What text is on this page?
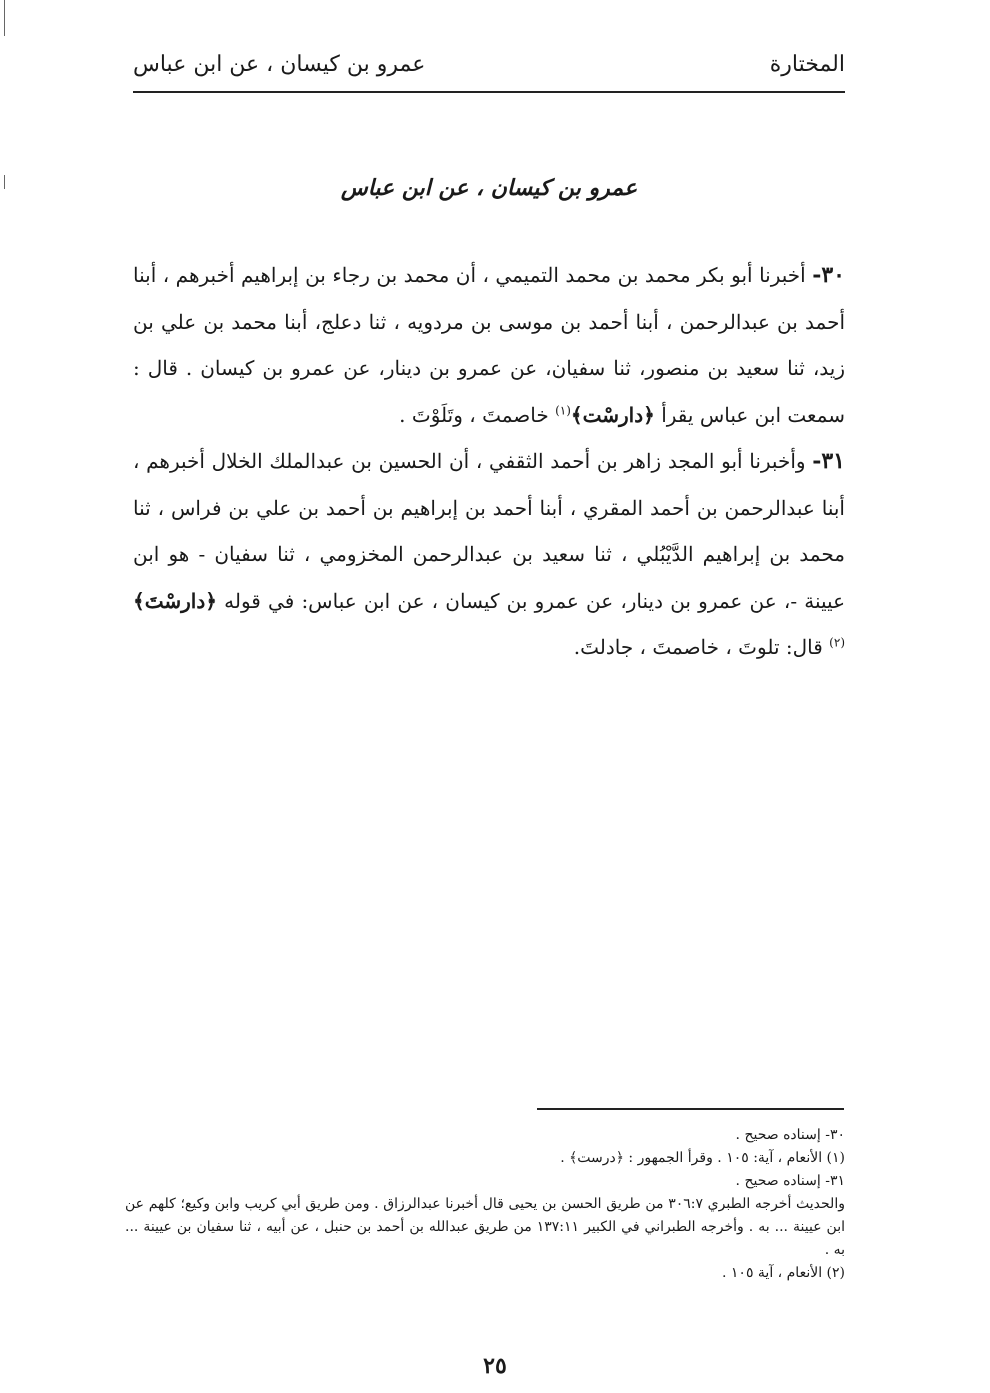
عمرو بن كيسان ، عن ابن عباس	المختارة
عمرو بن كيسان ، عن ابن عباس

٣٠- أخبرنا أبو بكر محمد بن محمد التميمي ، أن محمد بن رجاء بن إبراهيم أخبرهم ، أبنا أحمد بن عبدالرحمن ، أبنا أحمد بن موسى بن مردويه ، ثنا دعلج، أبنا محمد بن علي بن زيد، ثنا سعيد بن منصور، ثنا سفيان، عن عمرو بن دينار، عن عمرو بن كيسان . قال : سمعت ابن عباس يقرأ ﴿دارسْت﴾$^{(١)}$ خاصمتَ ، وتَلَوْتَ .

٣١- وأخبرنا أبو المجد زاهر بن أحمد الثقفي ، أن الحسين بن عبدالملك الخلال أخبرهم ، أبنا عبدالرحمن بن أحمد المقري ، أبنا أحمد بن إبراهيم بن أحمد بن علي بن فراس ، ثنا محمد بن إبراهيم الدَّيْبُلي ، ثنا سعيد بن عبدالرحمن المخزومي ، ثنا سفيان - هو ابن عيينة -، عن عمرو بن دينار، عن عمرو بن كيسان ، عن ابن عباس: في قوله ﴿دارسْتَ﴾$^{(٢)}$ قال: تلوتَ ، خاصمتَ ، جادلتَ.

٣٠- إسناده صحيح .

(١) الأنعام ، آية: ١٠٥ . وقرأ الجمهور : ﴿درست﴾ .

٣١- إسناده صحيح .

والحديث أخرجه الطبري ٣٠٦:٧ من طريق الحسن بن يحيى قال أخبرنا عبدالرزاق . ومن طريق أبي كريب وابن وكيع؛ كلهم عن ابن عيينة ... به . وأخرجه الطبراني في الكبير ١٣٧:١١ من طريق عبدالله بن أحمد بن حنبل ، عن أبيه ، ثنا سفيان بن عيينة ... به .

(٢) الأنعام ، آية ١٠٥ .

٢٥
